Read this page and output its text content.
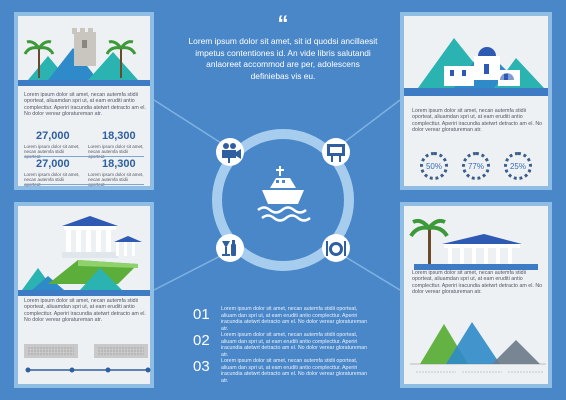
“
Lorem ipsum dolor sit amet, sit id quodsi ancillaesit impetus contentiones id. An vide libris salutandi anlaoreet accommod are per, adolescens definiebas vis eu.
01 Lorem ipsum dolor sit amet, necan autemfa stidii oporteat, aliuam dan spri ut, at eam eruditi antio complecttur. Aperiri iracundia atetwrt detracto am el. No dolor verear gloratureman atr.
02 Lorem ipsum dolor sit amet, necan autemfa stidii oporteat, aliuam dan spri ut, at eam eruditi antio complecttur. Aperiri iracundia atetwrt detracto am el. No dolor verear gloratureman atr.
03 Lorem ipsum dolor sit amet, necan autemfa stidii oporteat, aliuam dan spri ut, at eam eruditi antio complecttur. Aperiri iracundia atetwrt detracto am el. No dolor verear gloratureman atr.
Lorem ipsum dolor sit amet, necan autemfa stidii oporteat, aliuamdan spri ut, at eam eruditi antio complecttur. Aperiri iracundia atetwrt detracto am el. No dolor verear gloratureman atr.
27,000	18,300
Lorem ipsum dolor sit amet, necan autemfa stidii
Lorem ipsum dolor sit amet, necan autemfa stidii
27,000	18,300
Lorem ipsum dolor sit amet, necan autemfa stidii
Lorem ipsum dolor sit amet, necan autemfa stidii
Lorem ipsum dolor sit amet, necan autemfa stidii oporteat, aliuamdan spri ut, at eam eruditi antio complecttur. Aperiri iracundia atetwrt detracto am el. No dolor verear gloratureman atr.
Lorem ipsum dolor sit amet, necan autemfa stidii oporteat, aliuamdan spri ut, at eam eruditi antio complecttur. Aperiri iracundia atetwrt detracto am el. No dolor verear gloratureman atr.
50%	77%	25%
Lorem ipsum dolor sit amet, necan autemfa stidii oporteat, aliuamdan spri ut, at eam eruditi antio complecttur. Aperiri iracundia atetwrt detracto am el. No dolor verear gloratureman atr.
